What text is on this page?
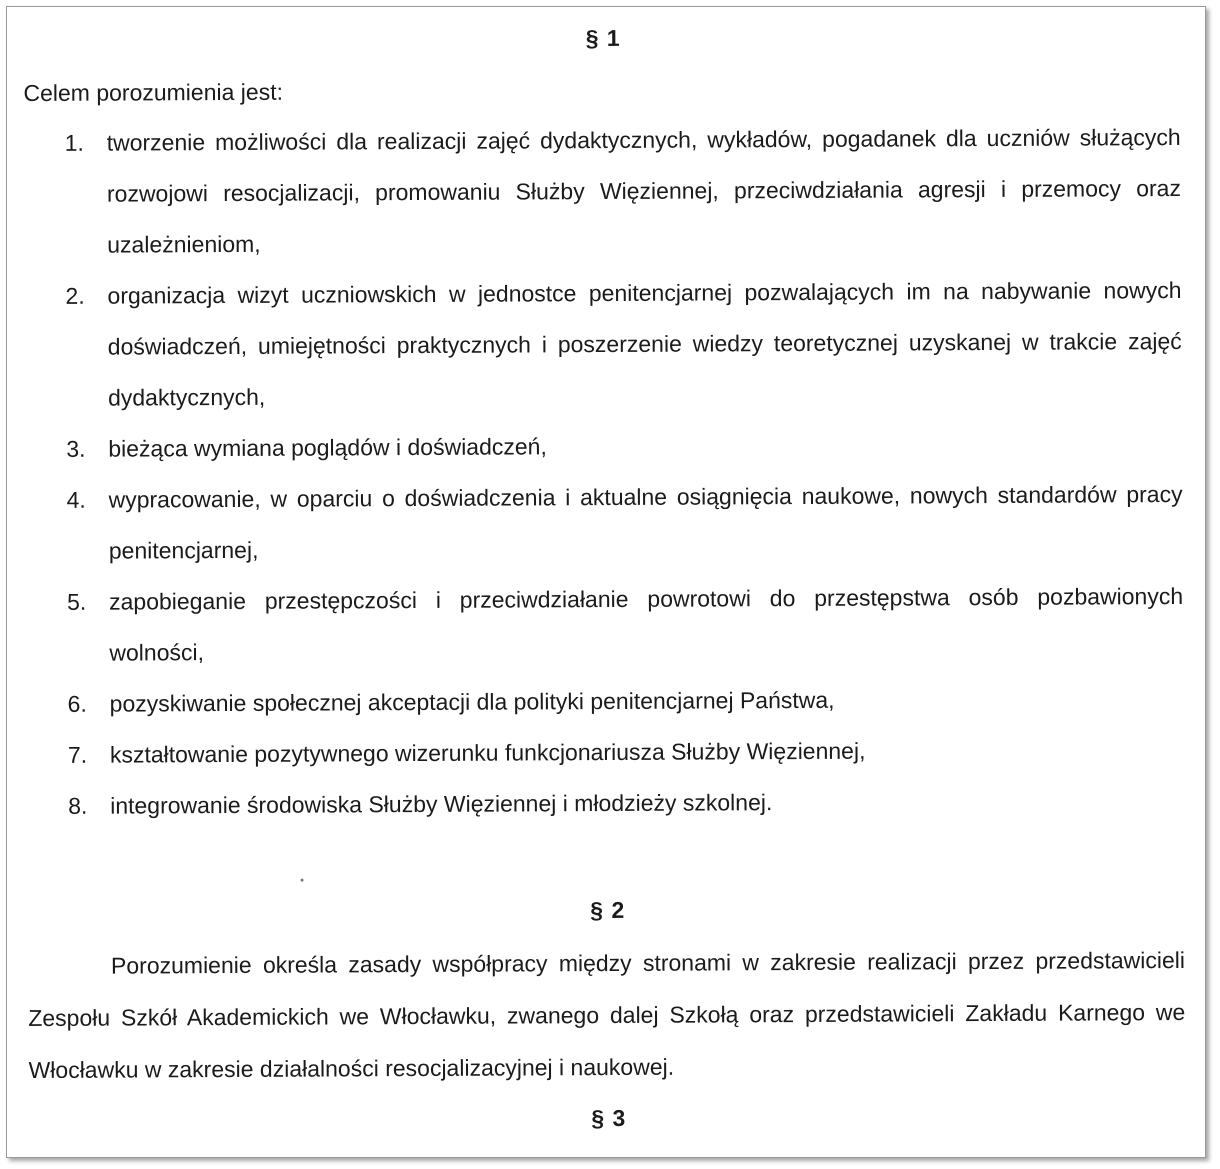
§ 1
Celem porozumienia jest:
1. tworzenie możliwości dla realizacji zajęć dydaktycznych, wykładów, pogadanek dla uczniów służących rozwojowi resocjalizacji, promowaniu Służby Więziennej, przeciwdziałania agresji i przemocy oraz uzależnieniom,
2. organizacja wizyt uczniowskich w jednostce penitencjarnej pozwalających im na nabywanie nowych doświadczeń, umiejętności praktycznych i poszerzenie wiedzy teoretycznej uzyskanej w trakcie zajęć dydaktycznych,
3. bieżąca wymiana poglądów i doświadczeń,
4. wypracowanie, w oparciu o doświadczenia i aktualne osiągnięcia naukowe, nowych standardów pracy penitencjarnej,
5. zapobieganie przestępczości i przeciwdziałanie powrotowi do przestępstwa osób pozbawionych wolności,
6. pozyskiwanie społecznej akceptacji dla polityki penitencjarnej Państwa,
7. kształtowanie pozytywnego wizerunku funkcjonariusza Służby Więziennej,
8. integrowanie środowiska Służby Więziennej i młodzieży szkolnej.
§ 2

Porozumienie określa zasady współpracy między stronami w zakresie realizacji przez przedstawicieli Zespołu Szkół Akademickich we Włocławku, zwanego dalej Szkołą oraz przedstawicieli Zakładu Karnego we Włocławku w zakresie działalności resocjalizacyjnej i naukowej.

§ 3
